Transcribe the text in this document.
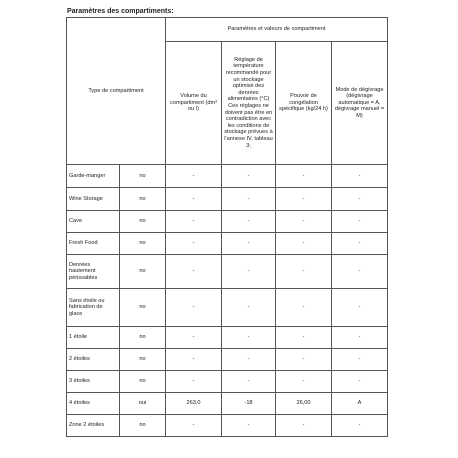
Paramètres des compartiments:
Type de compartiment		Paramètres et valeurs de compartiment			
		Volume du compartiment (dm³ ou l)	Réglage de température recommandé pour un stockage optimisé des denrées alimentaires (°C) Ces réglages ne doivent pas être en contradiction avec les conditions de stockage prévues à l'annexe IV, tableau 3;	Pouvoir de congélation spécifique (kg/24 h)	Mode de dégivrage (dégivrage automatique = A, dégivrage manuel = M)
Garde-manger	no	-	-	-	-
Wine Storage	no	-	-	-	-
Cave	no	-	-	-	-
Fresh Food	no	-	-	-	-
Denrées hautement périssables	no	-	-	-	-
Sans étoile ou fabrication de glace	no	-	-	-	-
1 étoile	no	-	-	-	-
2 étoiles	no	-	-	-	-
3 étoiles	no	-	-	-	-
4 étoiles	oui	263,0	-18	26,00	A
Zone 2 étoiles	no	-	-	-	-
